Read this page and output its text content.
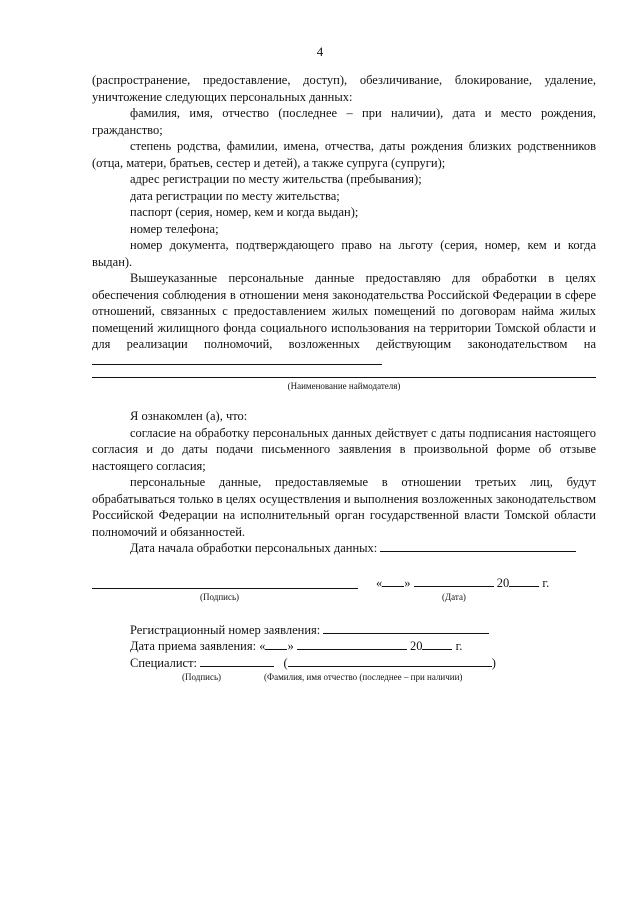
4

(распространение, предоставление, доступ), обезличивание, блокирование, удаление, уничтожение следующих персональных данных:

фамилия, имя, отчество (последнее – при наличии), дата и место рождения, гражданство;

степень родства, фамилии, имена, отчества, даты рождения близких родственников (отца, матери, братьев, сестер и детей), а также супруга (супруги);

адрес регистрации по месту жительства (пребывания);

дата регистрации по месту жительства;

паспорт (серия, номер, кем и когда выдан);

номер телефона;

номер документа, подтверждающего право на льготу (серия, номер, кем и когда выдан).

Вышеуказанные персональные данные предоставляю для обработки в целях обеспечения соблюдения в отношении меня законодательства Российской Федерации в сфере отношений, связанных с предоставлением жилых помещений по договорам найма жилых помещений жилищного фонда социального использования на территории Томской области и для реализации полномочий, возложенных действующим законодательством на

(Наименование наймодателя)

Я ознакомлен (а), что:

согласие на обработку персональных данных действует с даты подписания настоящего согласия и до даты подачи письменного заявления в произвольной форме об отзыве настоящего согласия;

персональные данные, предоставляемые в отношении третьих лиц, будут обрабатываться только в целях осуществления и выполнения возложенных законодательством Российской Федерации на исполнительный орган государственной власти Томской области полномочий и обязанностей.

Дата начала обработки персональных данных:

« »	20	г.
(Подпись)	(Дата)
Регистрационный номер заявления:
Дата приема заявления: « »	20	г.
Специалист:	(	)
(Подпись)	(Фамилия, имя отчество (последнее – при наличии)
